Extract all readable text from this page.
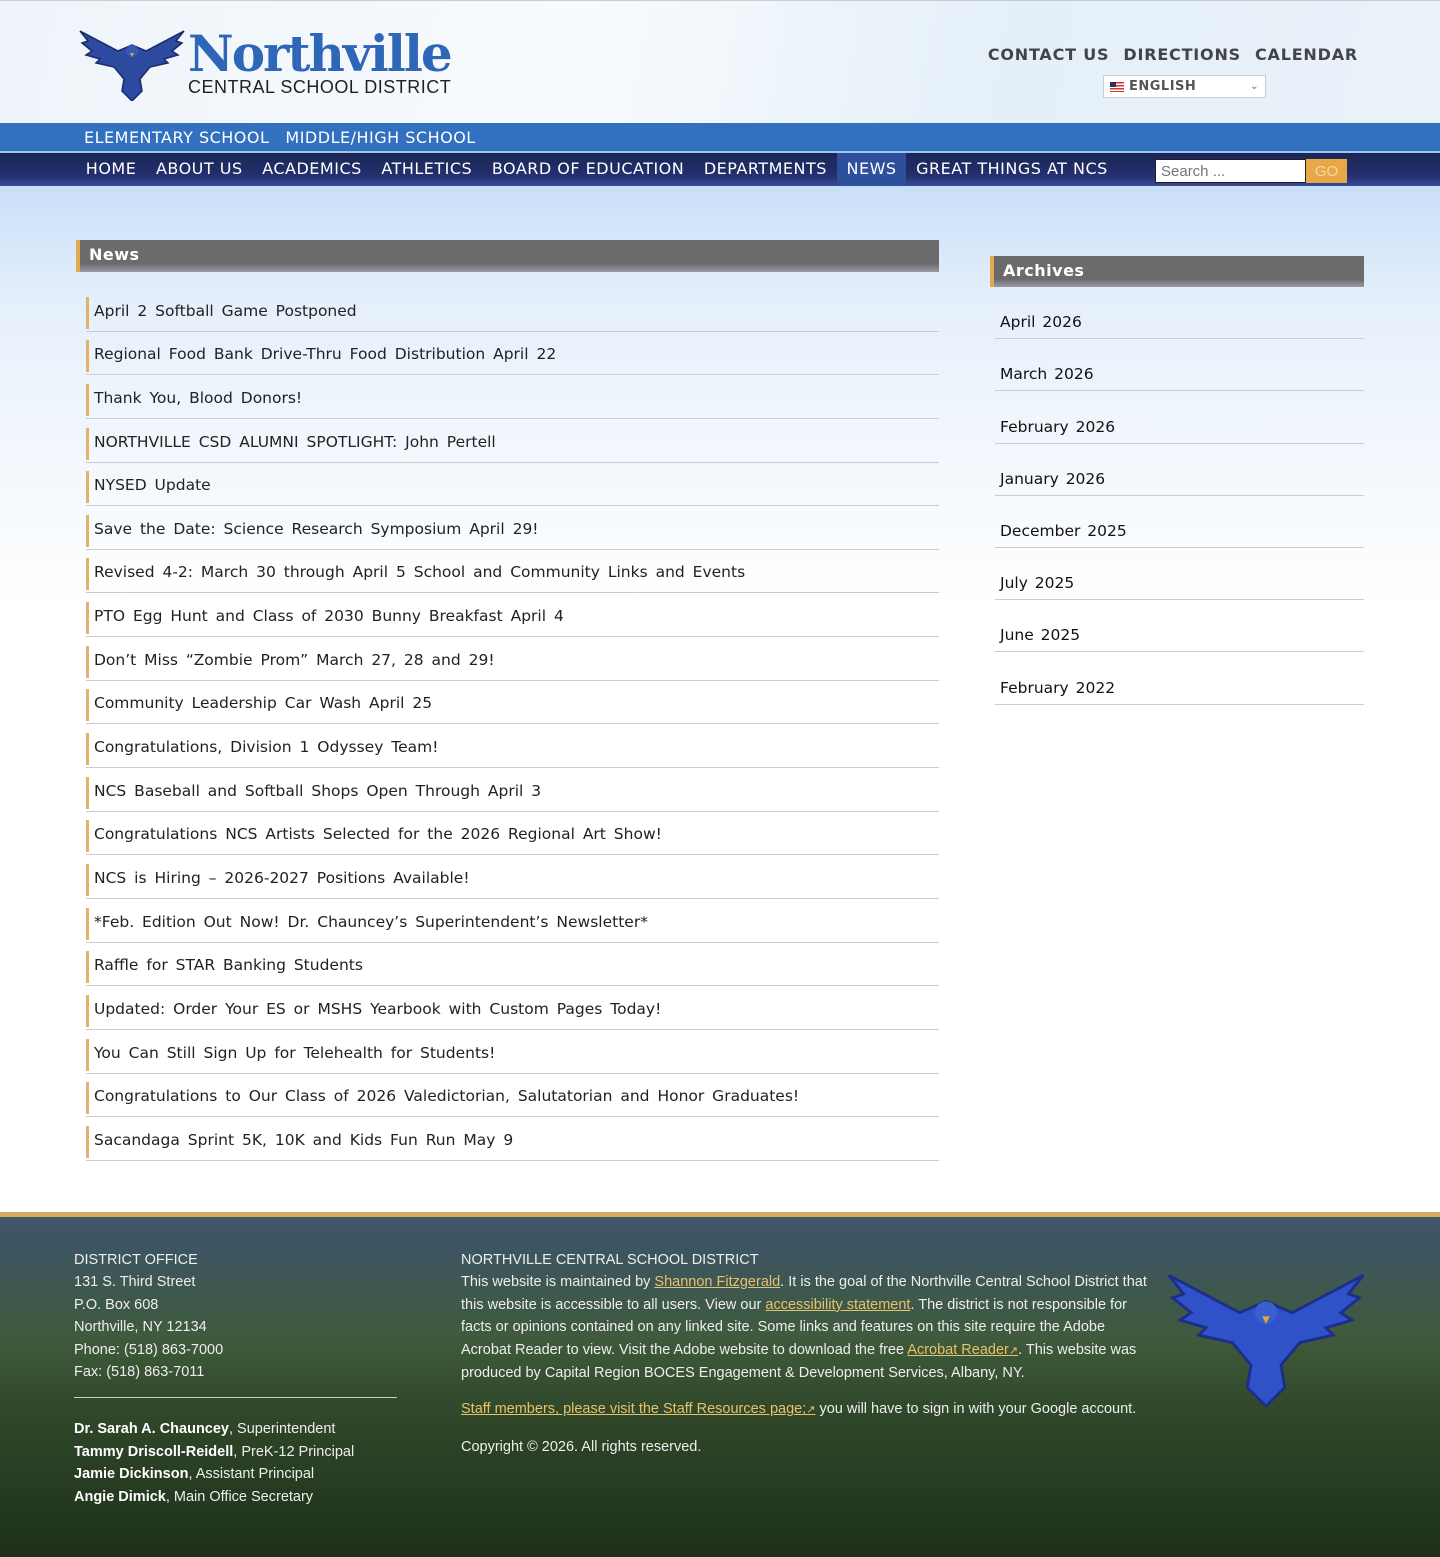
Northville
CENTRAL SCHOOL DISTRICT
CONTACT US DIRECTIONS CALENDAR
ENGLISH	⌄
ELEMENTARY SCHOOL MIDDLE/HIGH SCHOOL
HOME	ABOUT US	ACADEMICS	ATHLETICS	BOARD OF EDUCATION	DEPARTMENTS	NEWS	GREAT THINGS AT NCS
Search ...	GO
News
April 2 Softball Game Postponed
Regional Food Bank Drive-Thru Food Distribution April 22
Thank You, Blood Donors!
NORTHVILLE CSD ALUMNI SPOTLIGHT: John Pertell
NYSED Update
Save the Date: Science Research Symposium April 29!
Revised 4-2: March 30 through April 5 School and Community Links and Events
PTO Egg Hunt and Class of 2030 Bunny Breakfast April 4
Don’t Miss “Zombie Prom” March 27, 28 and 29!
Community Leadership Car Wash April 25
Congratulations, Division 1 Odyssey Team!
NCS Baseball and Softball Shops Open Through April 3
Congratulations NCS Artists Selected for the 2026 Regional Art Show!
NCS is Hiring – 2026-2027 Positions Available!
*Feb. Edition Out Now! Dr. Chauncey’s Superintendent’s Newsletter*
Raffle for STAR Banking Students
Updated: Order Your ES or MSHS Yearbook with Custom Pages Today!
You Can Still Sign Up for Telehealth for Students!
Congratulations to Our Class of 2026 Valedictorian, Salutatorian and Honor Graduates!
Sacandaga Sprint 5K, 10K and Kids Fun Run May 9
Archives
April 2026
March 2026
February 2026
January 2026
December 2025
July 2025
June 2025
February 2022
DISTRICT OFFICE
131 S. Third Street
P.O. Box 608
Northville, NY 12134
Phone: (518) 863-7000
Fax: (518) 863-7011
Dr. Sarah A. Chauncey, Superintendent
Tammy Driscoll-Reidell, PreK-12 Principal
Jamie Dickinson, Assistant Principal
Angie Dimick, Main Office Secretary
NORTHVILLE CENTRAL SCHOOL DISTRICT

This website is maintained by Shannon Fitzgerald. It is the goal of the Northville Central School District that this website is accessible to all users. View our accessibility statement. The district is not responsible for facts or opinions contained on any linked site. Some links and features on this site require the Adobe Acrobat Reader to view. Visit the Adobe website to download the free Acrobat Reader↗. This website was produced by Capital Region BOCES Engagement & Development Services, Albany, NY.

Staff members, please visit the Staff Resources page;↗ you will have to sign in with your Google account.

Copyright © 2026. All rights reserved.
